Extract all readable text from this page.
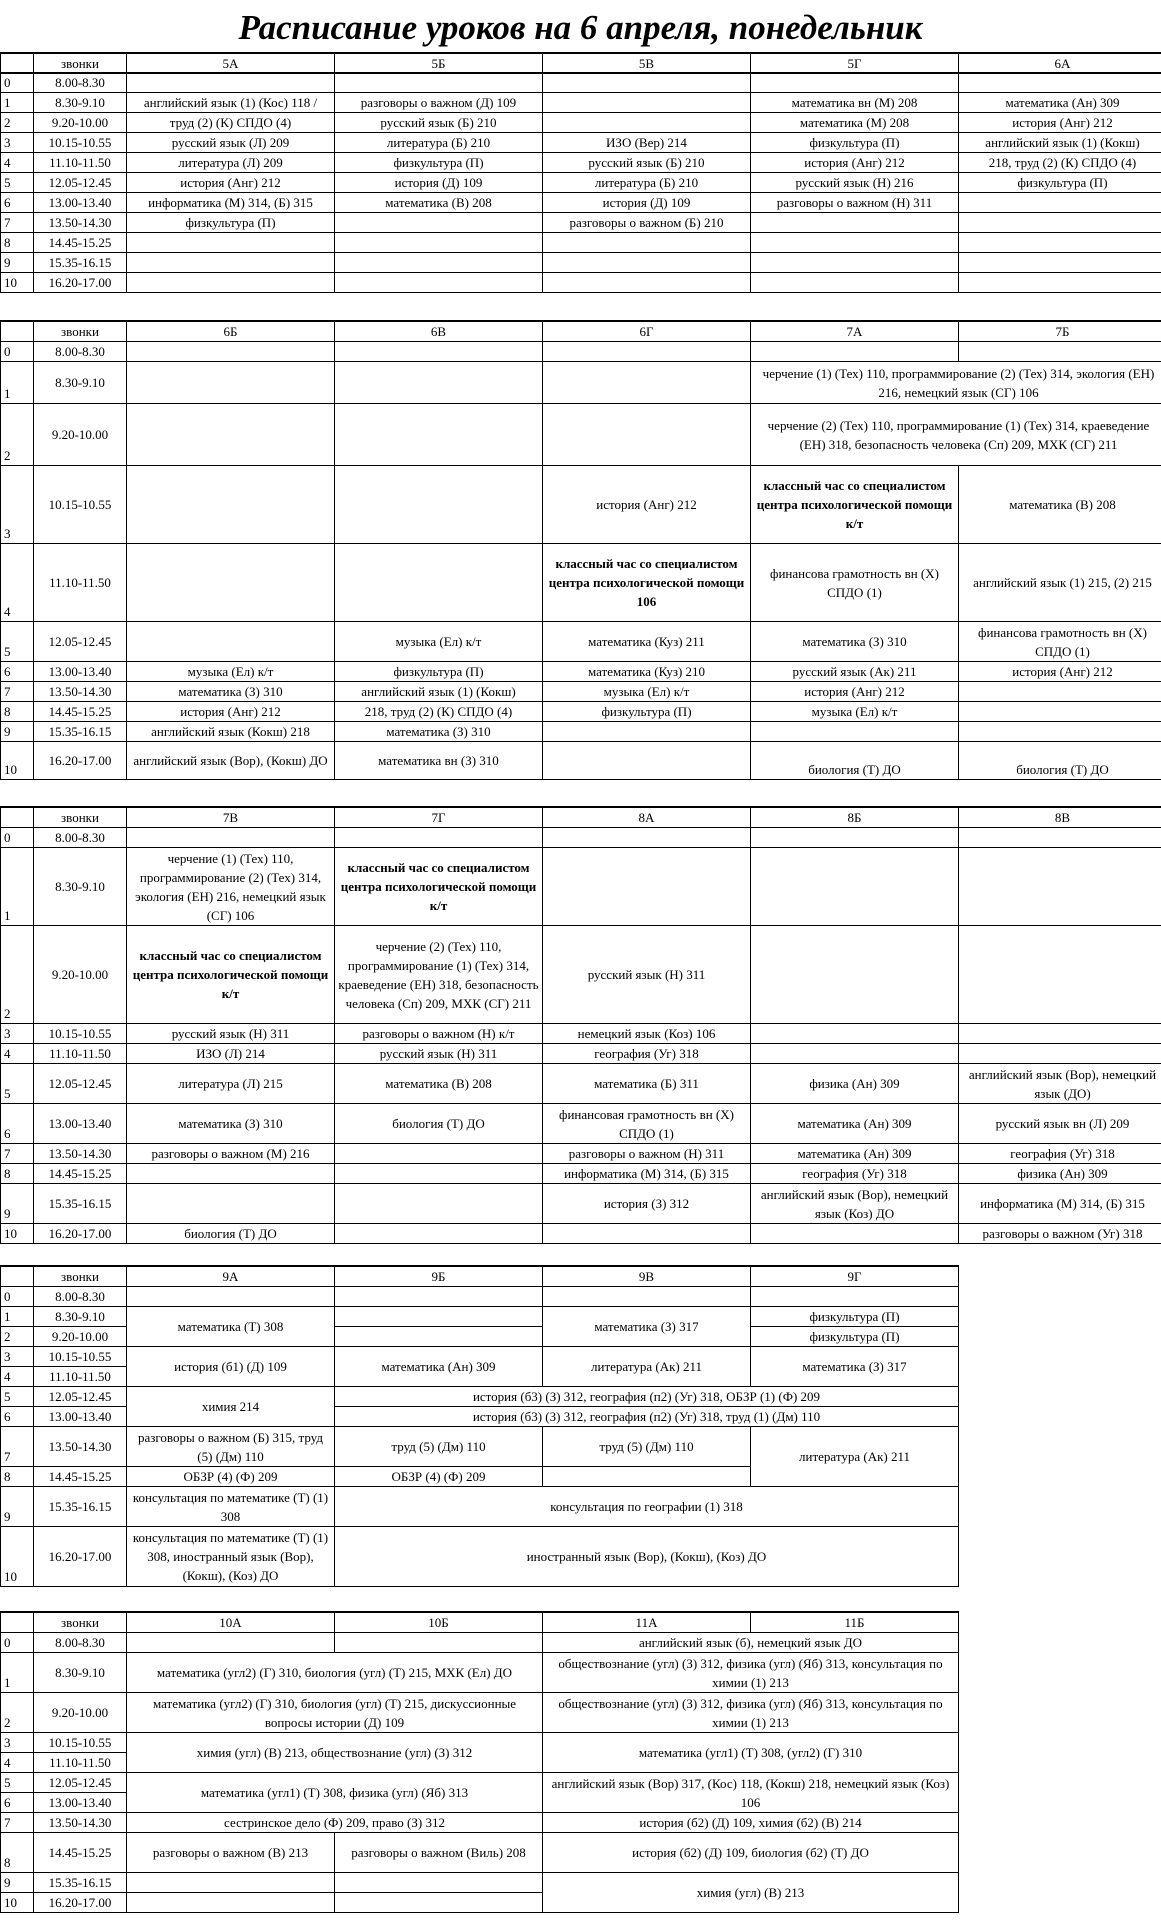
Расписание уроков на 6 апреля, понедельник
	звонки	5А	5Б	5В	5Г	6А
0	8.00-8.30					
1	8.30-9.10	английский язык (1) (Кос) 118 /	разговоры о важном (Д) 109		математика вн (М) 208	математика (Ан) 309
2	9.20-10.00	труд (2) (К) СПДО (4)	русский язык (Б) 210		математика (М) 208	история (Анг) 212
3	10.15-10.55	русский язык (Л) 209	литература (Б) 210	ИЗО (Вер) 214	физкультура (П)	английский язык (1) (Кокш)
4	11.10-11.50	литература (Л) 209	физкультура (П)	русский язык (Б) 210	история (Анг) 212	218, труд (2) (К) СПДО (4)
5	12.05-12.45	история (Анг) 212	история (Д) 109	литература (Б) 210	русский язык (Н) 216	физкультура (П)
6	13.00-13.40	информатика (М) 314, (Б) 315	математика (В) 208	история (Д) 109	разговоры о важном (Н) 311	
7	13.50-14.30	физкультура (П)		разговоры о важном (Б) 210		
8	14.45-15.25					
9	15.35-16.15					
10	16.20-17.00					
	звонки	6Б	6В	6Г	7А	7Б
0	8.00-8.30					
1	8.30-9.10				черчение (1) (Тех) 110, программирование (2) (Тех) 314, экология (ЕН) 216, немецкий язык (СГ) 106	
2	9.20-10.00				черчение (2) (Тех) 110, программирование (1) (Тех) 314, краеведение (ЕН) 318, безопасность человека (Сп) 209, МХК (СГ) 211	
3	10.15-10.55			история (Анг) 212	классный час со специалистом центра психологической помощи к/т	математика (В) 208
4	11.10-11.50			классный час со специалистом центра психологической помощи 106	финансова грамотность вн (Х) СПДО (1)	английский язык (1) 215, (2) 215
5	12.05-12.45		музыка (Ел) к/т	математика (Куз) 211	математика (З) 310	финансова грамотность вн (Х) СПДО (1)
6	13.00-13.40	музыка (Ел) к/т	физкультура (П)	математика (Куз) 210	русский язык (Ак) 211	история (Анг) 212
7	13.50-14.30	математика (З) 310	английский язык (1) (Кокш)	музыка (Ел) к/т	история (Анг) 212	
8	14.45-15.25	история (Анг) 212	218, труд (2) (К) СПДО (4)	физкультура (П)	музыка (Ел) к/т	
9	15.35-16.15	английский язык (Кокш) 218	математика (З) 310			
10	16.20-17.00	английский язык (Вор), (Кокш) ДО	математика вн (З) 310		биология (Т) ДО	биология (Т) ДО
	звонки	7В	7Г	8А	8Б	8В
0	8.00-8.30					
1	8.30-9.10	черчение (1) (Тех) 110, программирование (2) (Тех) 314, экология (ЕН) 216, немецкий язык (СГ) 106	классный час со специалистом центра психологической помощи к/т			
2	9.20-10.00	классный час со специалистом центра психологической помощи к/т	черчение (2) (Тех) 110, программирование (1) (Тех) 314, краеведение (ЕН) 318, безопасность человека (Сп) 209, МХК (СГ) 211	русский язык (Н) 311		
3	10.15-10.55	русский язык (Н) 311	разговоры о важном (Н) к/т	немецкий язык (Коз) 106		
4	11.10-11.50	ИЗО (Л) 214	русский язык (Н) 311	география (Уг) 318		
5	12.05-12.45	литература (Л) 215	математика (В) 208	математика (Б) 311	физика (Ан) 309	английский язык (Вор), немецкий язык (ДО)
6	13.00-13.40	математика (З) 310	биология (Т) ДО	финансовая грамотность вн (Х) СПДО (1)	математика (Ан) 309	русский язык вн (Л) 209
7	13.50-14.30	разговоры о важном (М) 216		разговоры о важном (Н) 311	математика (Ан) 309	география (Уг) 318
8	14.45-15.25			информатика (М) 314, (Б) 315	география (Уг) 318	физика (Ан) 309
9	15.35-16.15			история (З) 312	английский язык (Вор), немецкий язык (Коз) ДО	информатика (М) 314, (Б) 315
10	16.20-17.00	биология (Т) ДО				разговоры о важном (Уг) 318
	звонки	9А	9Б	9В	9Г
0	8.00-8.30				
1	8.30-9.10	математика (Т) 308		математика (З) 317	физкультура (П)
2	9.20-10.00				физкультура (П)
3	10.15-10.55	история (б1) (Д) 109	математика (Ан) 309	литература (Ак) 211	математика (З) 317
4	11.10-11.50				
5	12.05-12.45	химия 214	история (б3) (З) 312, география (п2) (Уг) 318, ОБЗР (1) (Ф) 209		
6	13.00-13.40		история (б3) (З) 312, география (п2) (Уг) 318, труд (1) (Дм) 110		
7	13.50-14.30	разговоры о важном (Б) 315, труд (5) (Дм) 110	труд (5) (Дм) 110	труд (5) (Дм) 110	литература (Ак) 211
8	14.45-15.25	ОБЗР (4) (Ф) 209	ОБЗР (4) (Ф) 209		
9	15.35-16.15	консультация по математике (Т) (1) 308	консультация по географии (1) 318		
10	16.20-17.00	консультация по математике (Т) (1) 308, иностранный язык (Вор), (Кокш), (Коз) ДО	иностранный язык (Вор), (Кокш), (Коз) ДО		
	звонки	10А	10Б	11А	11Б
0	8.00-8.30			английский язык (б), немецкий язык ДО	
1	8.30-9.10	математика (угл2) (Г) 310, биология (угл) (Т) 215, МХК (Ел) ДО		обществознание (угл) (З) 312, физика (угл) (Яб) 313, консультация по химии (1) 213	
2	9.20-10.00	математика (угл2) (Г) 310, биология (угл) (Т) 215, дискуссионные вопросы истории (Д) 109		обществознание (угл) (З) 312, физика (угл) (Яб) 313, консультация по химии (1) 213	
3	10.15-10.55	химия (угл) (В) 213, обществознание (угл) (З) 312		математика (угл1) (Т) 308, (угл2) (Г) 310	
4	11.10-11.50				
5	12.05-12.45	математика (угл1) (Т) 308, физика (угл) (Яб) 313		английский язык (Вор) 317, (Кос) 118, (Кокш) 218, немецкий язык (Коз) 106	
6	13.00-13.40				
7	13.50-14.30	сестринское дело (Ф) 209, право (З) 312		история (б2) (Д) 109, химия (б2) (В) 214	
8	14.45-15.25	разговоры о важном (В) 213	разговоры о важном (Виль) 208	история (б2) (Д) 109, биология (б2) (Т) ДО	
9	15.35-16.15			химия (угл) (В) 213	
10	16.20-17.00				
